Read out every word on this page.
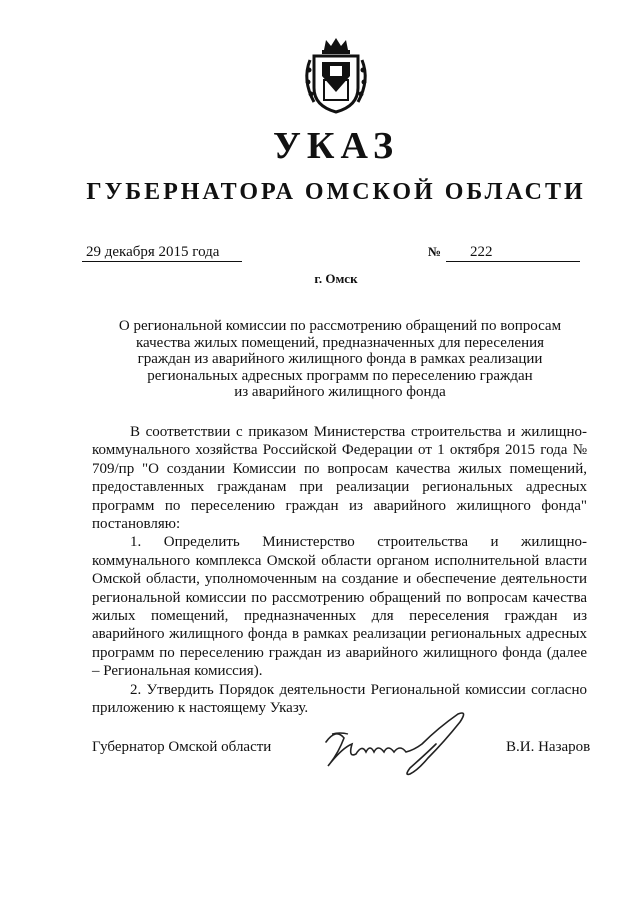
УКАЗ
ГУБЕРНАТОРА ОМСКОЙ ОБЛАСТИ
29 декабря 2015 года	№	222
г. Омск
О региональной комиссии по рассмотрению обращений по вопросам
качества жилых помещений, предназначенных для переселения
граждан из аварийного жилищного фонда в рамках реализации
региональных адресных программ по переселению граждан
из аварийного жилищного фонда

В соответствии с приказом Министерства строительства и жилищно-коммунального хозяйства Российской Федерации от 1 октября 2015 года № 709/пр "О создании Комиссии по вопросам качества жилых помещений, предоставленных гражданам при реализации региональных адресных программ по переселению граждан из аварийного жилищного фонда" постановляю:

1. Определить Министерство строительства и жилищно-коммунального комплекса Омской области органом исполнительной власти Омской области, уполномоченным на создание и обеспечение деятельности региональной комиссии по рассмотрению обращений по вопросам качества жилых помещений, предназначенных для переселения граждан из аварийного жилищного фонда в рамках реализации региональных адресных программ по переселению граждан из аварийного жилищного фонда (далее – Региональная комиссия).

2. Утвердить Порядок деятельности Региональной комиссии согласно приложению к настоящему Указу.

Губернатор Омской области	В.И. Назаров
